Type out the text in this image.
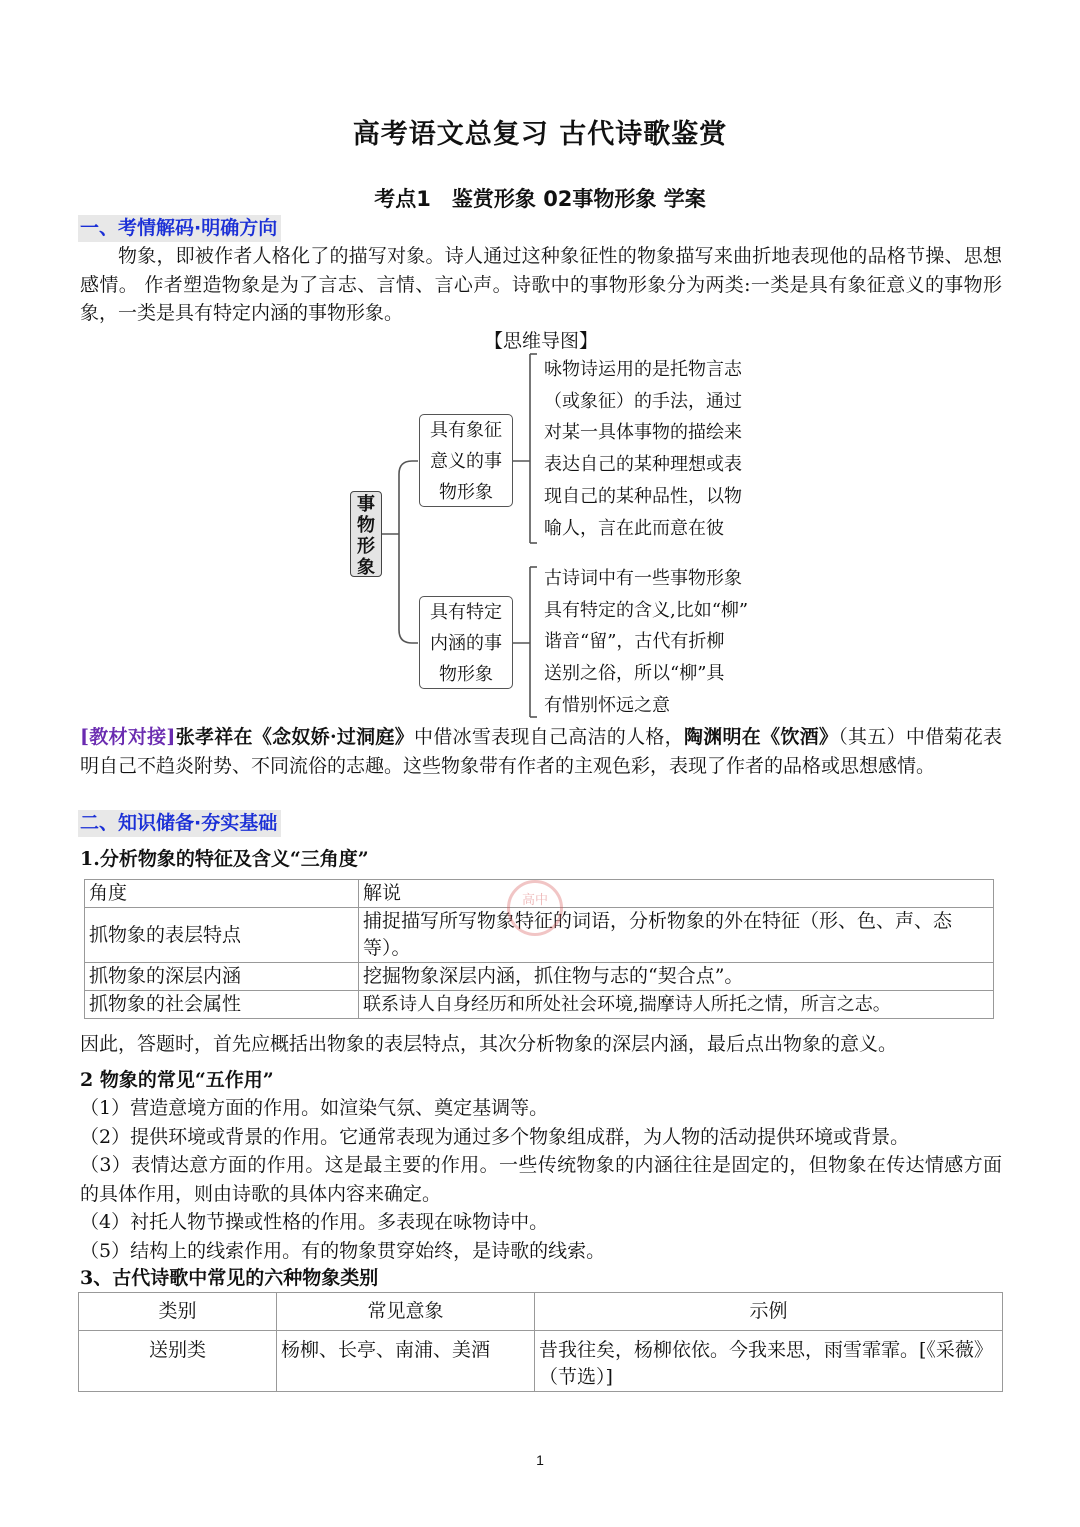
高考语文总复习 古代诗歌鉴赏
考点1　鉴赏形象 02事物形象 学案
一、考情解码·明确方向
物象，即被作者人格化了的描写对象。诗人通过这种象征性的物象描写来曲折地表现他的品格节操、思想感情。 作者塑造物象是为了言志、言情、言心声。诗歌中的事物形象分为两类:一类是具有象征意义的事物形象，一类是具有特定内涵的事物形象。
【思维导图】
事物形象
具有象征
意义的事
物形象
咏物诗运用的是托物言志
（或象征）的手法，通过
对某一具体事物的描绘来
表达自己的某种理想或表
现自己的某种品性，以物
喻人，言在此而意在彼
具有特定
内涵的事
物形象
古诗词中有一些事物形象
具有特定的含义,比如“柳”
谐音“留”，古代有折柳
送别之俗，所以“柳”具
有惜别怀远之意
[教材对接]张孝祥在《念奴娇·过洞庭》中借冰雪表现自己高洁的人格，陶渊明在《饮酒》（其五）中借菊花表明自己不趋炎附势、不同流俗的志趣。这些物象带有作者的主观色彩，表现了作者的品格或思想感情。
二、知识储备·夯实基础
1.分析物象的特征及含义“三角度”
角度	解说
抓物象的表层特点	捕捉描写所写物象特征的词语，分析物象的外在特征（形、色、声、态等）。
抓物象的深层内涵	挖掘物象深层内涵，抓住物与志的“契合点”。
抓物象的社会属性	联系诗人自身经历和所处社会环境,揣摩诗人所托之情，所言之志。
高中
因此，答题时，首先应概括出物象的表层特点，其次分析物象的深层内涵，最后点出物象的意义。
2 物象的常见“五作用”
（1）营造意境方面的作用。如渲染气氛、奠定基调等。
（2）提供环境或背景的作用。它通常表现为通过多个物象组成群，为人物的活动提供环境或背景。
（3）表情达意方面的作用。这是最主要的作用。一些传统物象的内涵往往是固定的，但物象在传达情感方面的具体作用，则由诗歌的具体内容来确定。
（4）衬托人物节操或性格的作用。多表现在咏物诗中。
（5）结构上的线索作用。有的物象贯穿始终，是诗歌的线索。
3、古代诗歌中常见的六种物象类别
类别	常见意象	示例
送别类	杨柳、长亭、南浦、美酒	昔我往矣，杨柳依依。今我来思，雨雪霏霏。[《采薇》（节选）]
1
